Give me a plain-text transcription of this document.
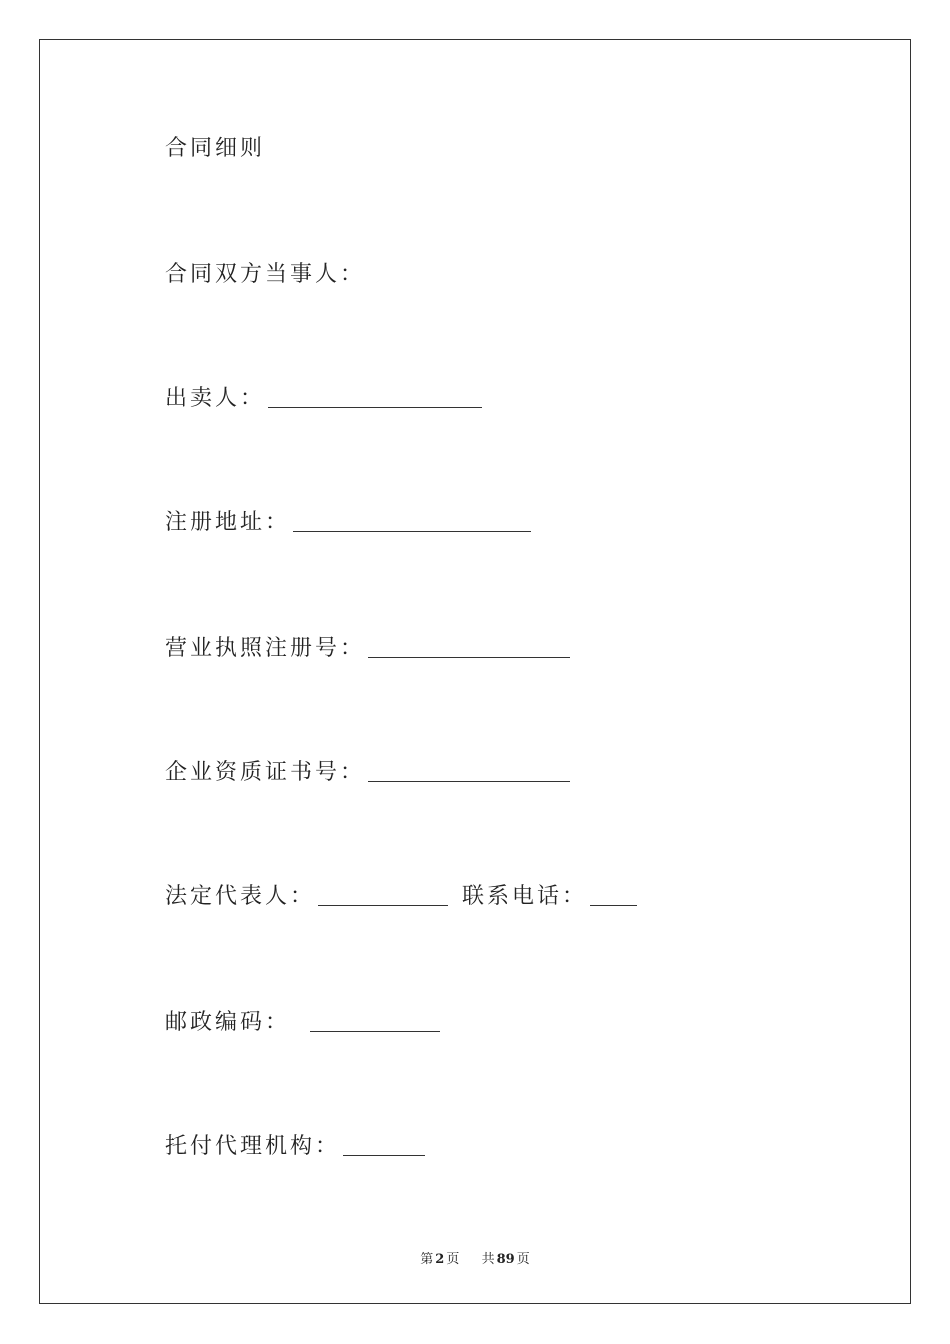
合同细则
合同双方当事人：
出卖人：
注册地址：
营业执照注册号：
企业资质证书号：
法定代表人：	联系电话：
邮政编码：
托付代理机构：
第 2 页 共 89 页
